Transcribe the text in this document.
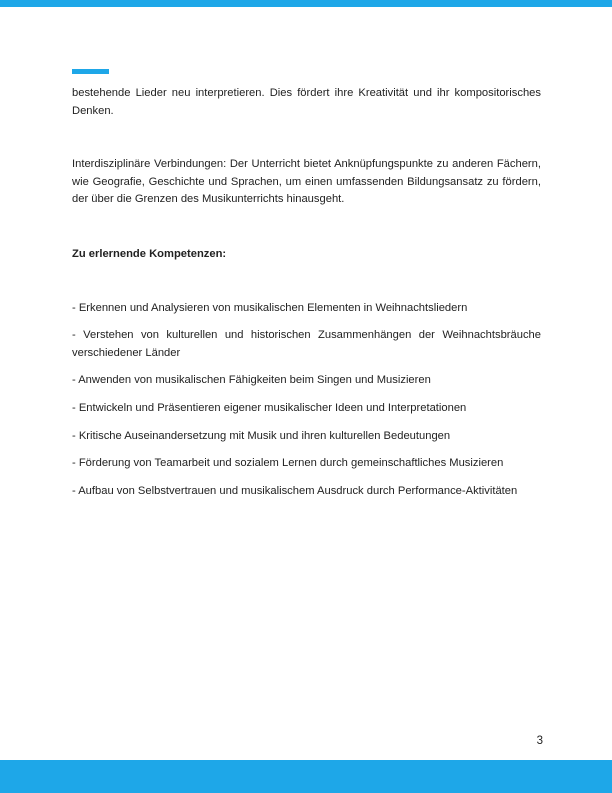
bestehende Lieder neu interpretieren. Dies fördert ihre Kreativität und ihr kompositorisches Denken.

Interdisziplinäre Verbindungen: Der Unterricht bietet Anknüpfungspunkte zu anderen Fächern, wie Geografie, Geschichte und Sprachen, um einen umfassenden Bildungsansatz zu fördern, der über die Grenzen des Musikunterrichts hinausgeht.

Zu erlernende Kompetenzen:

- Erkennen und Analysieren von musikalischen Elementen in Weihnachtsliedern

- Verstehen von kulturellen und historischen Zusammenhängen der Weihnachtsbräuche verschiedener Länder

- Anwenden von musikalischen Fähigkeiten beim Singen und Musizieren

- Entwickeln und Präsentieren eigener musikalischer Ideen und Interpretationen

- Kritische Auseinandersetzung mit Musik und ihren kulturellen Bedeutungen

- Förderung von Teamarbeit und sozialem Lernen durch gemeinschaftliches Musizieren

- Aufbau von Selbstvertrauen und musikalischem Ausdruck durch Performance-Aktivitäten

3
